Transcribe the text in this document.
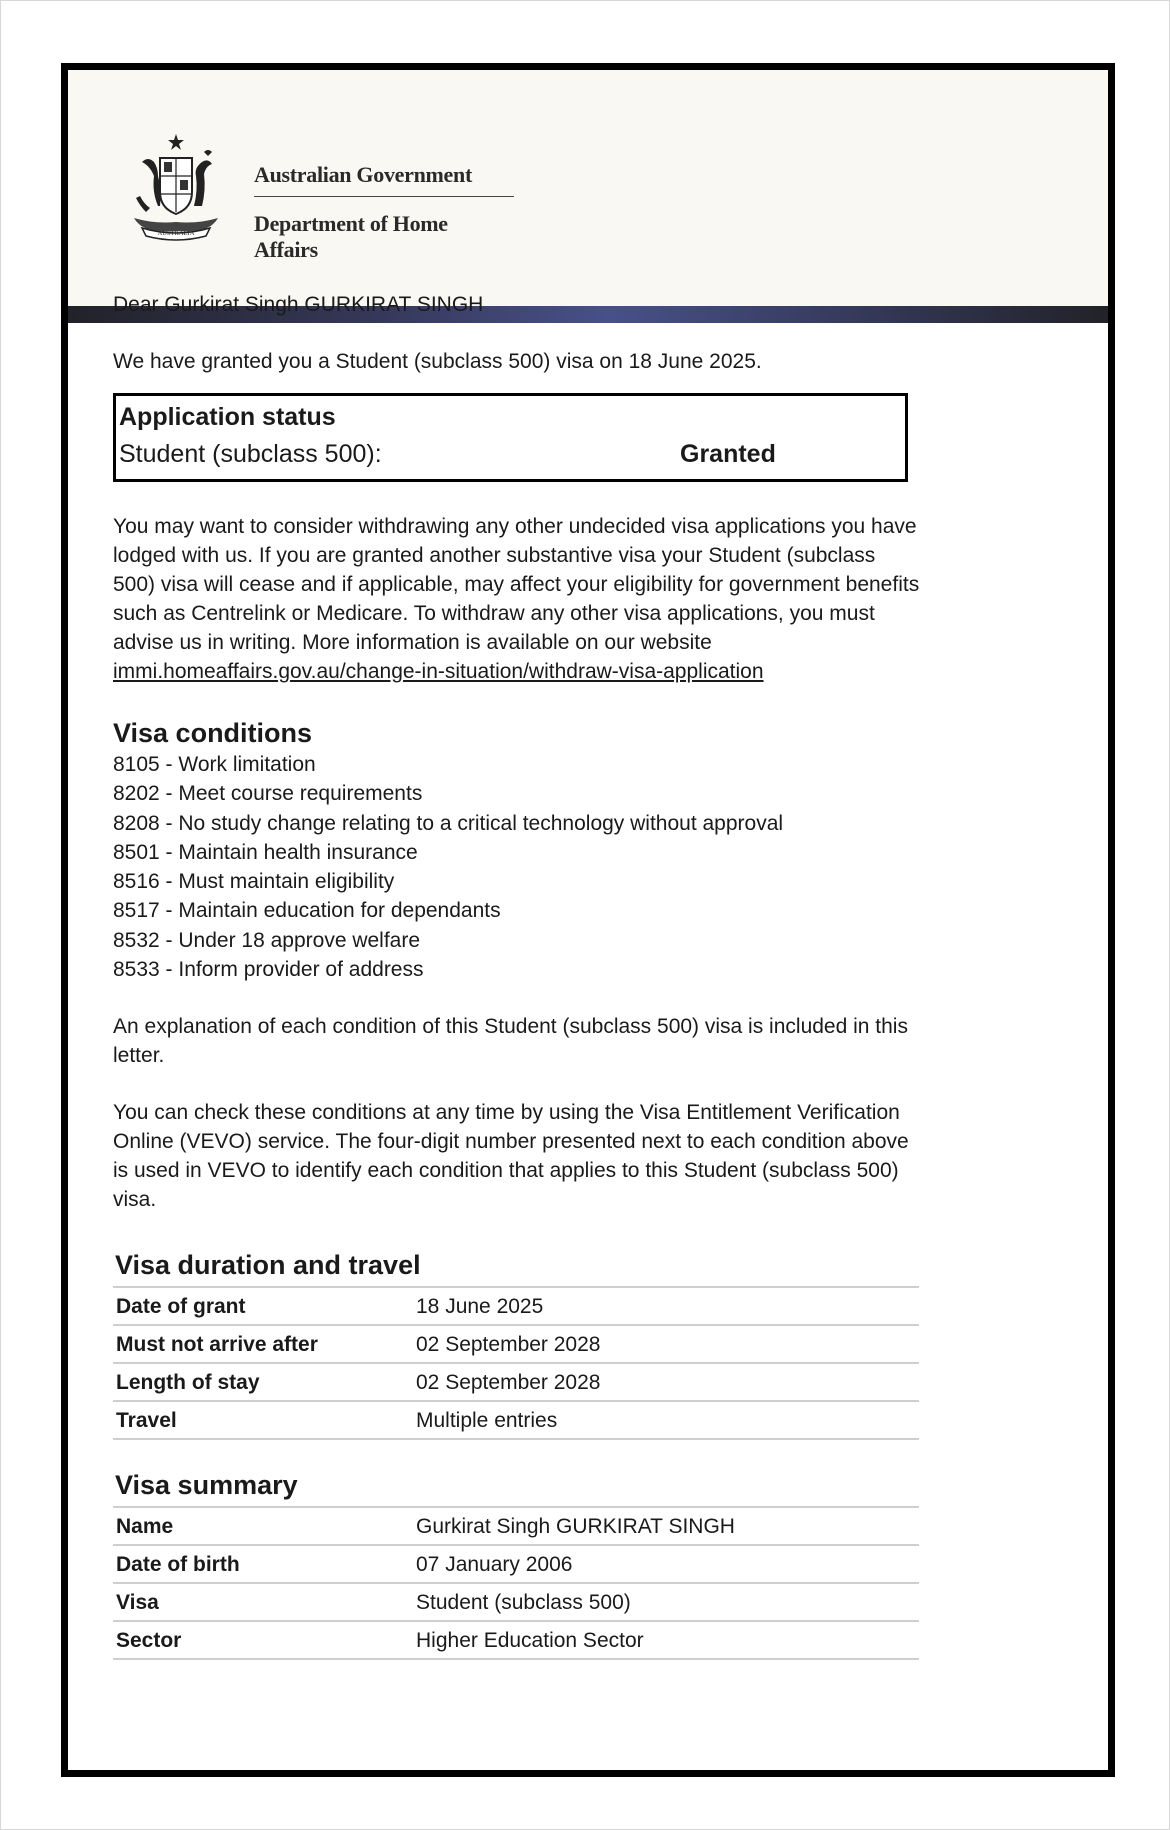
AUSTRALIA
Australian Government
Department of Home Affairs

Dear Gurkirat Singh GURKIRAT SINGH

We have granted you a Student (subclass 500) visa on 18 June 2025.

Application status
Student (subclass 500):	Granted

You may want to consider withdrawing any other undecided visa applications you have lodged with us. If you are granted another substantive visa your Student (subclass 500) visa will cease and if applicable, may affect your eligibility for government benefits such as Centrelink or Medicare. To withdraw any other visa applications, you must advise us in writing. More information is available on our website immi.homeaffairs.gov.au/change-in-situation/withdraw-visa-application

Visa conditions
8105 - Work limitation
8202 - Meet course requirements
8208 - No study change relating to a critical technology without approval
8501 - Maintain health insurance
8516 - Must maintain eligibility
8517 - Maintain education for dependants
8532 - Under 18 approve welfare
8533 - Inform provider of address

An explanation of each condition of this Student (subclass 500) visa is included in this letter.

You can check these conditions at any time by using the Visa Entitlement Verification Online (VEVO) service. The four-digit number presented next to each condition above is used in VEVO to identify each condition that applies to this Student (subclass 500) visa.

Visa duration and travel
Date of grant	18 June 2025
Must not arrive after	02 September 2028
Length of stay	02 September 2028
Travel	Multiple entries
Visa summary
Name	Gurkirat Singh GURKIRAT SINGH
Date of birth	07 January 2006
Visa	Student (subclass 500)
Sector	Higher Education Sector
